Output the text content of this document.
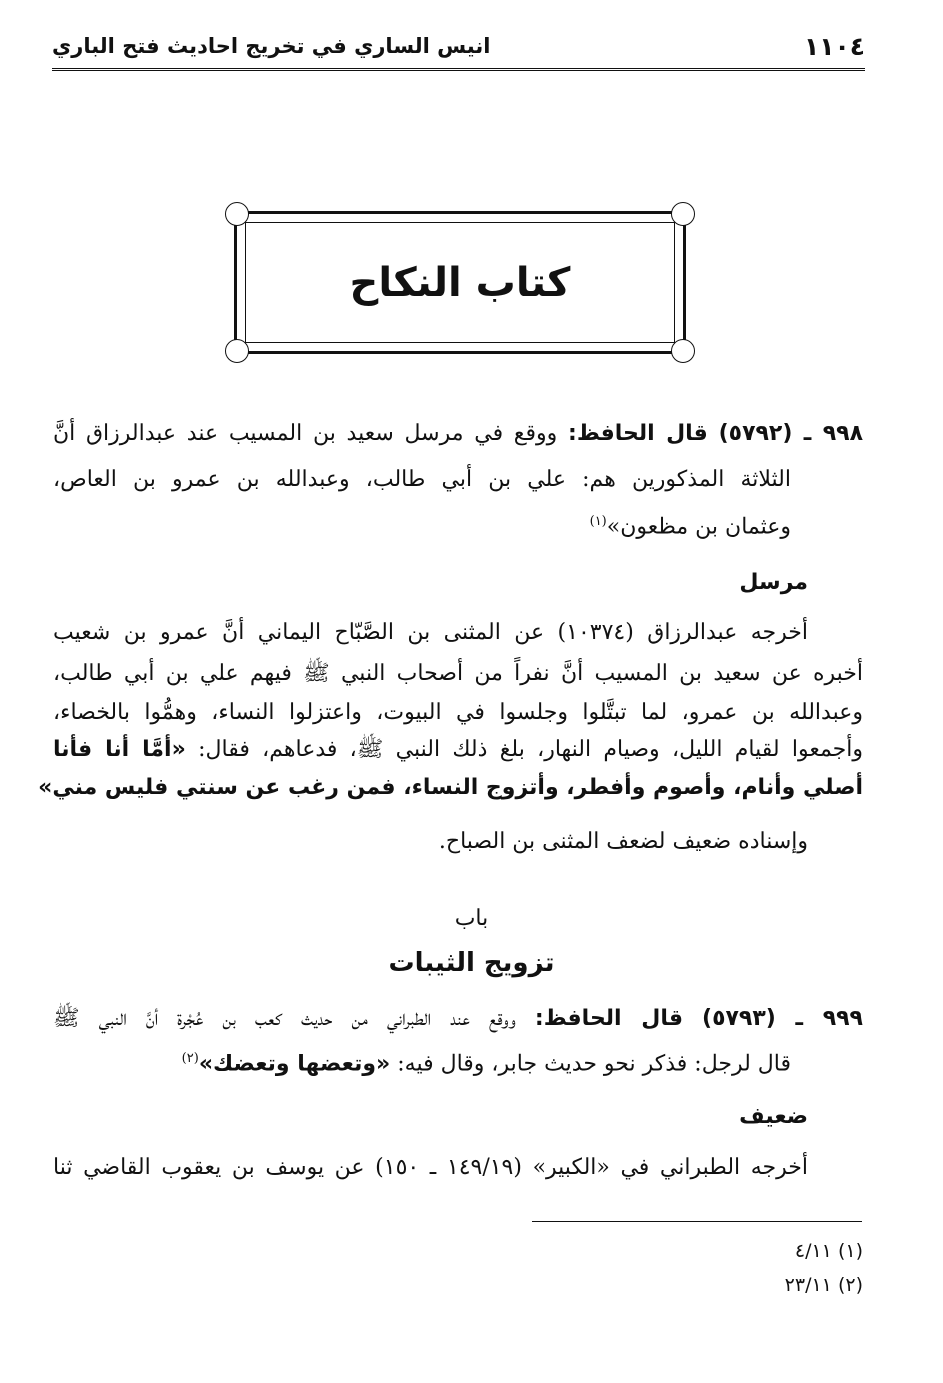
١١٠٤
انيس الساري في تخريج احاديث فتح الباري
كتاب النكاح
٩٩٨ ـ (٥٧٩٢) قال الحافظ: ووقع في مرسل سعيد بن المسيب عند عبدالرزاق أنَّ
الثلاثة المذكورين هم: علي بن أبي طالب، وعبدالله بن عمرو بن العاص،
وعثمان بن مظعون»$^{(١)}$
مرسل
أخرجه عبدالرزاق (١٠٣٧٤) عن المثنى بن الصَّبّاح اليماني أنَّ عمرو بن شعيب
أخبره عن سعيد بن المسيب أنَّ نفراً من أصحاب النبي ﷺ فيهم علي بن أبي طالب،
وعبدالله بن عمرو، لما تبتَّلوا وجلسوا في البيوت، واعتزلوا النساء، وهمُّوا بالخصاء،
وأجمعوا لقيام الليل، وصيام النهار، بلغ ذلك النبي ﷺ، فدعاهم، فقال: «أمَّا أنا فأنا
أصلي وأنام، وأصوم وأفطر، وأتزوج النساء، فمن رغب عن سنتي فليس مني»
وإسناده ضعيف لضعف المثنى بن الصباح.
باب
تزويج الثيبات
٩٩٩ ـ (٥٧٩٣) قال الحافظ: ووقع عند الطبراني من حديث كعب بن عُجْرة أنَّ النبي ﷺ
قال لرجل: فذكر نحو حديث جابر، وقال فيه: «وتعضها وتعضك»$^{(٢)}$
ضعيف
أخرجه الطبراني في «الكبير» (١٤٩/١٩ ـ ١٥٠) عن يوسف بن يعقوب القاضي ثنا
(١) ٤/١١
(٢) ٢٣/١١
